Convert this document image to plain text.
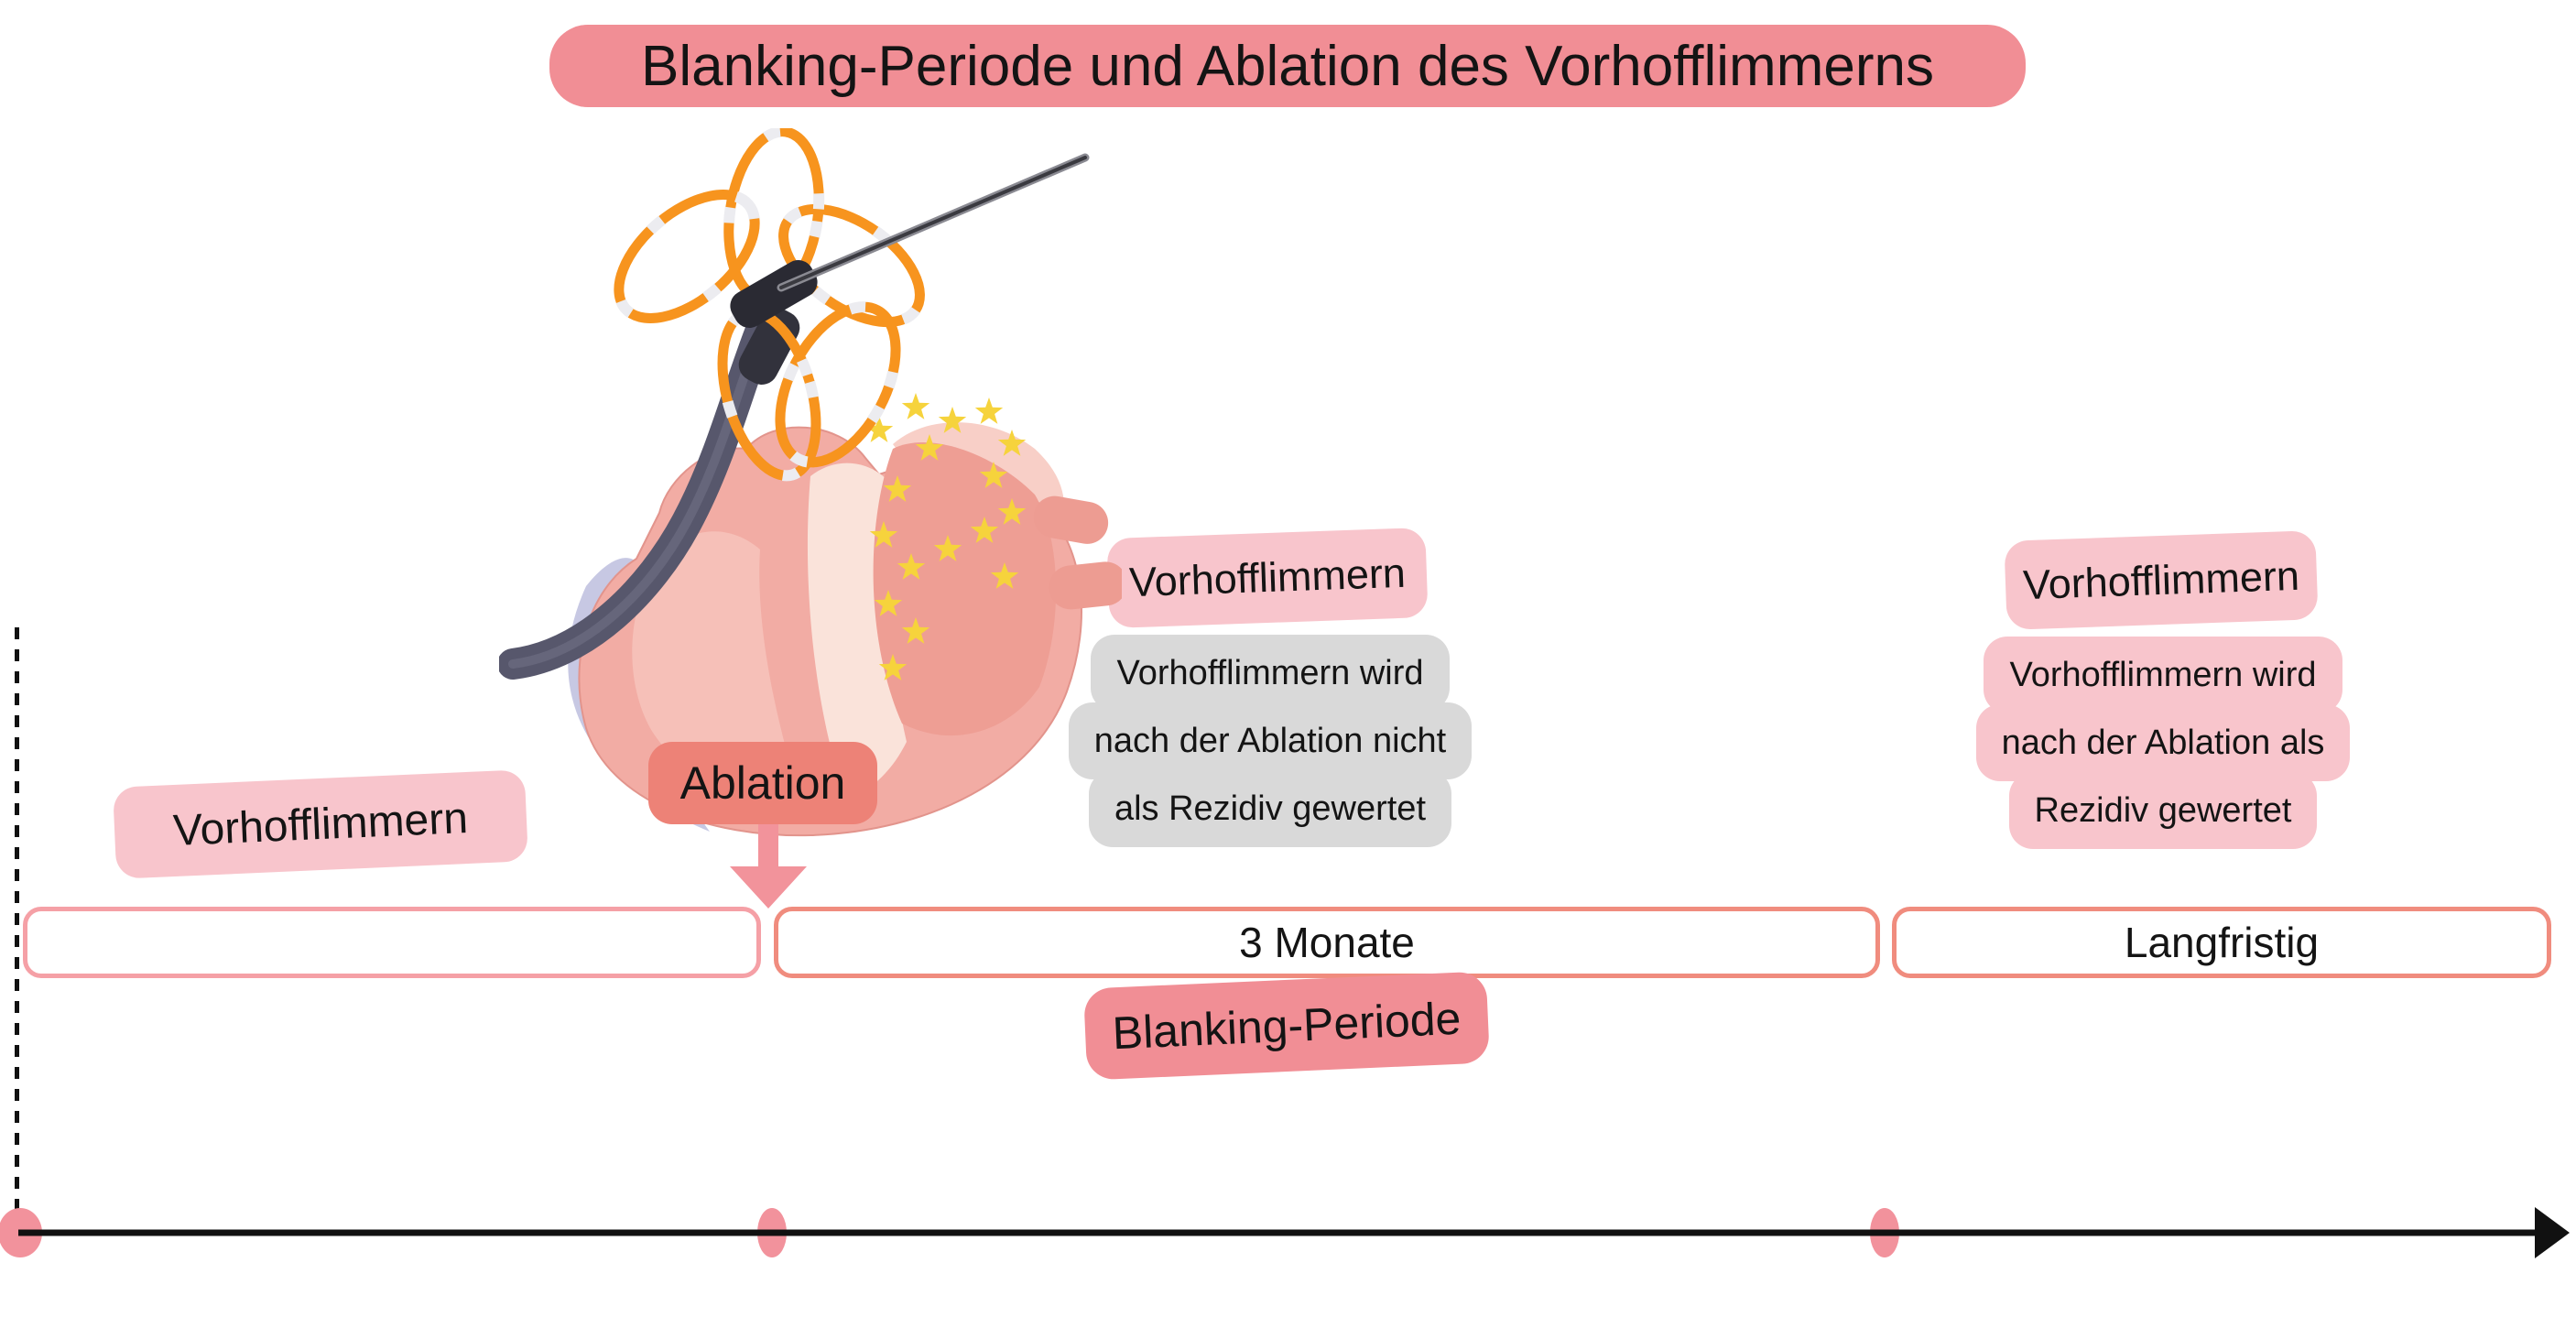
Blanking-Periode und Ablation des Vorhofflimmerns
Vorhofflimmern
Ablation
Vorhofflimmern
Vorhofflimmern wird
nach der Ablation nicht
als Rezidiv gewertet
Vorhofflimmern
Vorhofflimmern wird
nach der Ablation als
Rezidiv gewertet
3 Monate	Langfristig
Blanking-Periode
